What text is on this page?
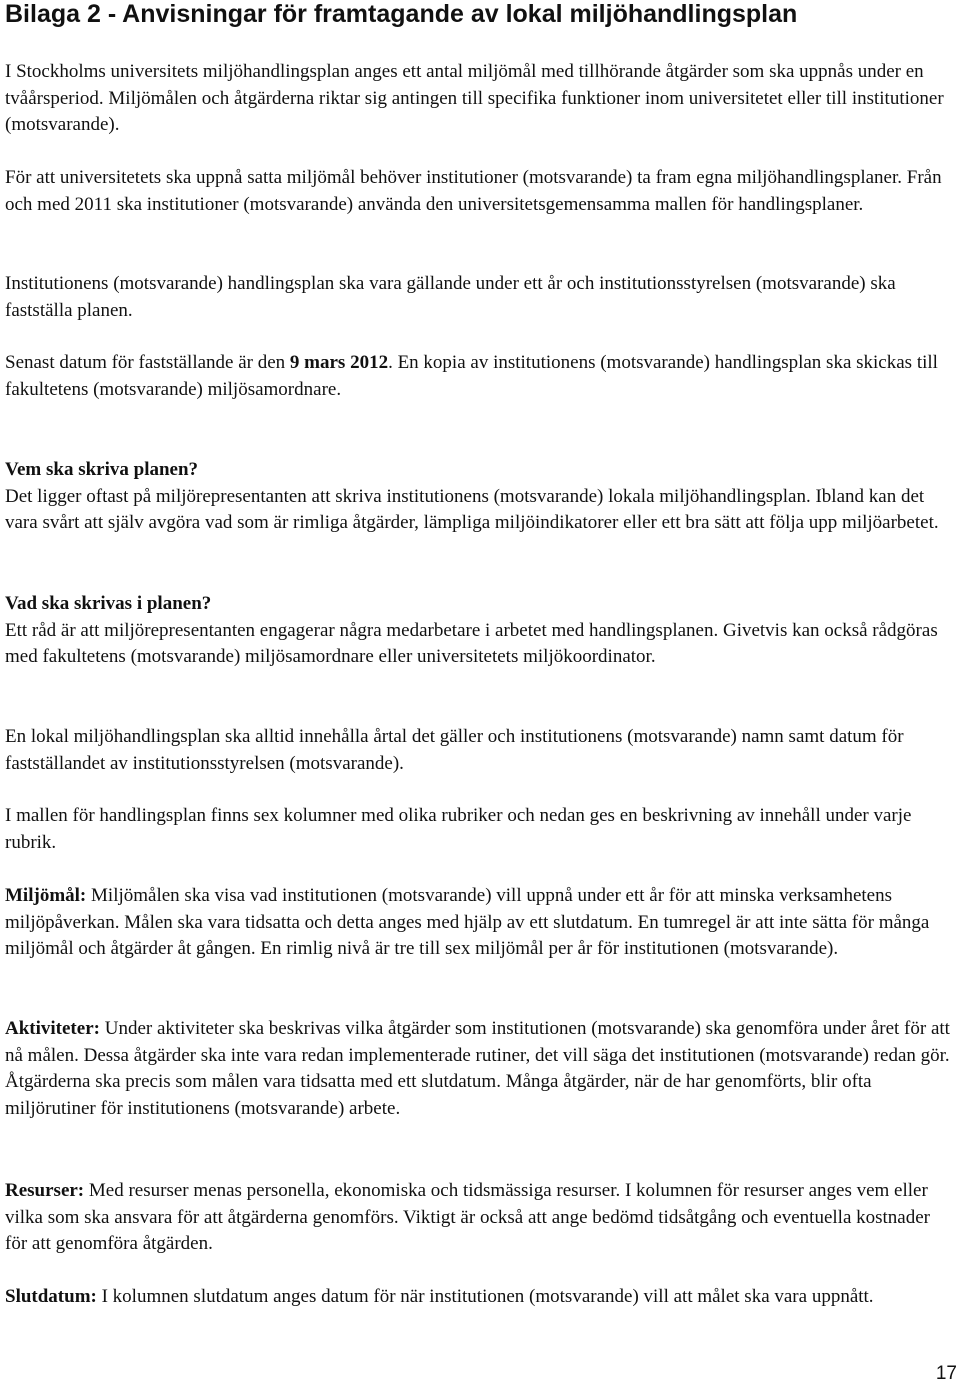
Bilaga 2 - Anvisningar för framtagande av lokal miljöhandlingsplan

I Stockholms universitets miljöhandlingsplan anges ett antal miljömål med tillhörande åtgärder som ska uppnås under en tvåårsperiod. Miljömålen och åtgärderna riktar sig antingen till specifika funktioner inom universitetet eller till institutioner (motsvarande).

För att universitetets ska uppnå satta miljömål behöver institutioner (motsvarande) ta fram egna miljöhandlingsplaner. Från och med 2011 ska institutioner (motsvarande) använda den universitetsgemensamma mallen för handlingsplaner.

Institutionens (motsvarande) handlingsplan ska vara gällande under ett år och institutionsstyrelsen (motsvarande) ska fastställa planen.

Senast datum för fastställande är den 9 mars 2012. En kopia av institutionens (motsvarande) handlingsplan ska skickas till fakultetens (motsvarande) miljösamordnare.

Vem ska skriva planen?
Det ligger oftast på miljörepresentanten att skriva institutionens (motsvarande) lokala miljöhandlingsplan. Ibland kan det vara svårt att själv avgöra vad som är rimliga åtgärder, lämpliga miljöindikatorer eller ett bra sätt att följa upp miljöarbetet.
Vad ska skrivas i planen?
Ett råd är att miljörepresentanten engagerar några medarbetare i arbetet med handlingsplanen. Givetvis kan också rådgöras med fakultetens (motsvarande) miljösamordnare eller universitetets miljökoordinator.

En lokal miljöhandlingsplan ska alltid innehålla årtal det gäller och institutionens (motsvarande) namn samt datum för fastställandet av institutionsstyrelsen (motsvarande).

I mallen för handlingsplan finns sex kolumner med olika rubriker och nedan ges en beskrivning av innehåll under varje rubrik.

Miljömål: Miljömålen ska visa vad institutionen (motsvarande) vill uppnå under ett år för att minska verksamhetens miljöpåverkan. Målen ska vara tidsatta och detta anges med hjälp av ett slutdatum. En tumregel är att inte sätta för många miljömål och åtgärder åt gången. En rimlig nivå är tre till sex miljömål per år för institutionen (motsvarande).

Aktiviteter: Under aktiviteter ska beskrivas vilka åtgärder som institutionen (motsvarande) ska genomföra under året för att nå målen. Dessa åtgärder ska inte vara redan implementerade rutiner, det vill säga det institutionen (motsvarande) redan gör. Åtgärderna ska precis som målen vara tidsatta med ett slutdatum. Många åtgärder, när de har genomförts, blir ofta miljörutiner för institutionens (motsvarande) arbete.

Resurser: Med resurser menas personella, ekonomiska och tidsmässiga resurser. I kolumnen för resurser anges vem eller vilka som ska ansvara för att åtgärderna genomförs. Viktigt är också att ange bedömd tidsåtgång och eventuella kostnader för att genomföra åtgärden.

Slutdatum: I kolumnen slutdatum anges datum för när institutionen (motsvarande) vill att målet ska vara uppnått.

17
